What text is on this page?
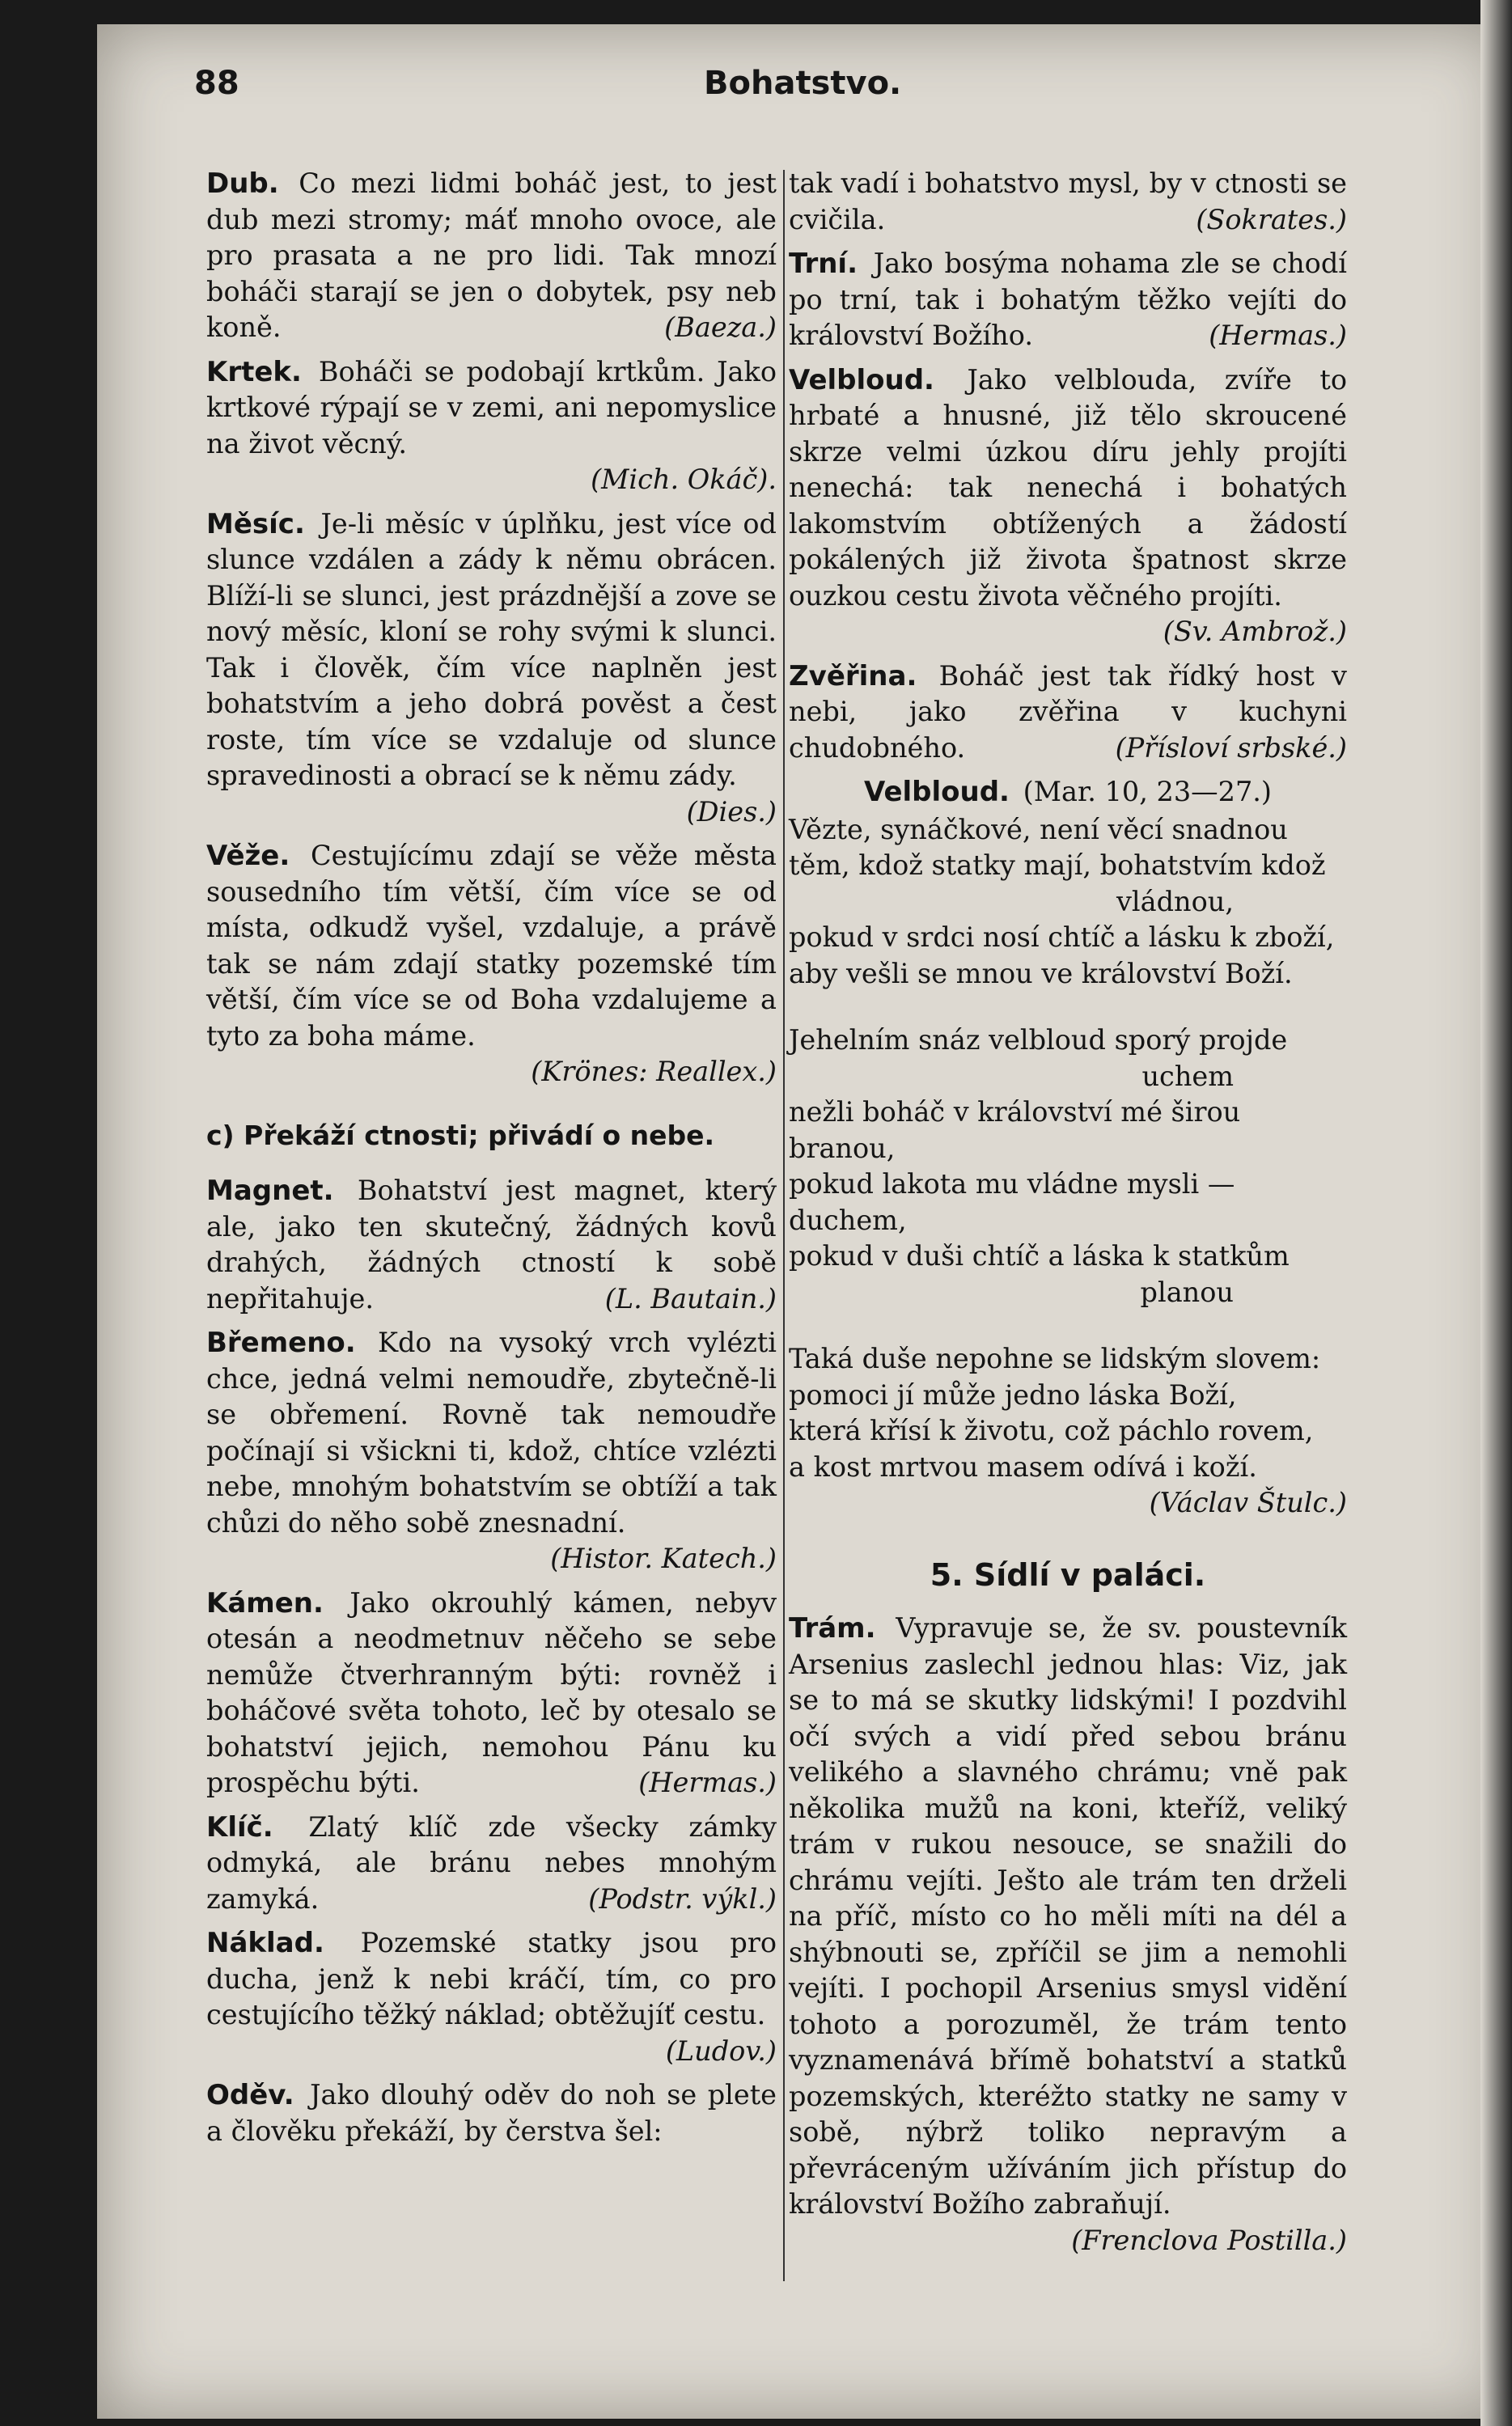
88	Bohatstvo.

Dub. Co mezi lidmi boháč jest, to jest dub mezi stromy; máť mnoho ovoce, ale pro prasata a ne pro lidi. Tak mnozí boháči starají se jen o dobytek, psy neb koně.	(Baeza.)

Krtek. Boháči se podobají krtkům. Jako krtkové rýpají se v zemi, ani nepomyslice na život věcný.
(Mich. Okáč).

Měsíc. Je-li měsíc v úplňku, jest více od slunce vzdálen a zády k němu obrácen. Blíží-li se slunci, jest prázdnější a zove se nový měsíc, kloní se rohy svými k slunci. Tak i člověk, čím více naplněn jest bohatstvím a jeho dobrá pověst a čest roste, tím více se vzdaluje od slunce spravedinosti a obrací se k němu zády.
(Dies.)

Věže. Cestujícímu zdají se věže města sousedního tím větší, čím více se od místa, odkudž vyšel, vzdaluje, a právě tak se nám zdají statky pozemské tím větší, čím více se od Boha vzdalujeme a tyto za boha máme.
(Krönes: Reallex.)

c) Překáží ctnosti; přivádí o nebe.

Magnet. Bohatství jest magnet, který ale, jako ten skutečný, žádných kovů drahých, žádných ctností k sobě nepřitahuje.	(L. Bautain.)

Břemeno. Kdo na vysoký vrch vylézti chce, jedná velmi nemoudře, zbytečně-li se obřemení. Rovně tak nemoudře počínají si všickni ti, kdož, chtíce vzlézti nebe, mnohým bohatstvím se obtíží a tak chůzi do něho sobě znesnadní.
(Histor. Katech.)

Kámen. Jako okrouhlý kámen, nebyv otesán a neodmetnuv něčeho se sebe nemůže čtverhranným býti: rovněž i boháčové světa tohoto, leč by otesalo se bohatství jejich, nemohou Pánu ku prospěchu býti.	(Hermas.)

Klíč. Zlatý klíč zde všecky zámky odmyká, ale bránu nebes mnohým zamyká.	(Podstr. výkl.)

Náklad. Pozemské statky jsou pro ducha, jenž k nebi kráčí, tím, co pro cestujícího těžký náklad; obtěžujíť cestu.
(Ludov.)

Oděv. Jako dlouhý oděv do noh se plete a člověku překáží, by čerstva šel:

tak vadí i bohatstvo mysl, by v ctnosti se cvičila.	(Sokrates.)

Trní. Jako bosýma nohama zle se chodí po trní, tak i bohatým těžko vejíti do království Božího.	(Hermas.)

Velbloud. Jako velblouda, zvíře to hrbaté a hnusné, již tělo skroucené skrze velmi úzkou díru jehly projíti nenechá: tak nenechá i bohatých lakomstvím obtížených a žádostí pokálených již života špatnost skrze ouzkou cestu života věčného projíti.
(Sv. Ambrož.)

Zvěřina. Boháč jest tak řídký host v nebi, jako zvěřina v kuchyni chudobného.	(Přísloví srbské.)

Velbloud. (Mar. 10, 23—27.)
Vězte, synáčkové, není věcí snadnou
těm, kdož statky mají, bohatstvím kdož
vládnou,
pokud v srdci nosí chtíč a lásku k zboží,
aby vešli se mnou ve království Boží.
Jehelním snáz velbloud sporý projde
uchem
nežli boháč v království mé širou branou,
pokud lakota mu vládne mysli — duchem,
pokud v duši chtíč a láska k statkům
planou
Taká duše nepohne se lidským slovem:
pomoci jí může jedno láska Boží,
která křísí k životu, což páchlo rovem,
a kost mrtvou masem odívá i koží.
(Václav Štulc.)
5. Sídlí v paláci.

Trám. Vypravuje se, že sv. poustevník Arsenius zaslechl jednou hlas: Viz, jak se to má se skutky lidskými! I pozdvihl očí svých a vidí před sebou bránu velikého a slavného chrámu; vně pak několika mužů na koni, kteříž, veliký trám v rukou nesouce, se snažili do chrámu vejíti. Ješto ale trám ten drželi na příč, místo co ho měli míti na dél a shýbnouti se, zpříčil se jim a nemohli vejíti. I pochopil Arsenius smysl vidění tohoto a porozuměl, že trám tento vyznamenává břímě bohatství a statků pozemských, kteréžto statky ne samy v sobě, nýbrž toliko nepravým a převráceným užíváním jich přístup do království Božího zabraňují.
(Frenclova Postilla.)
